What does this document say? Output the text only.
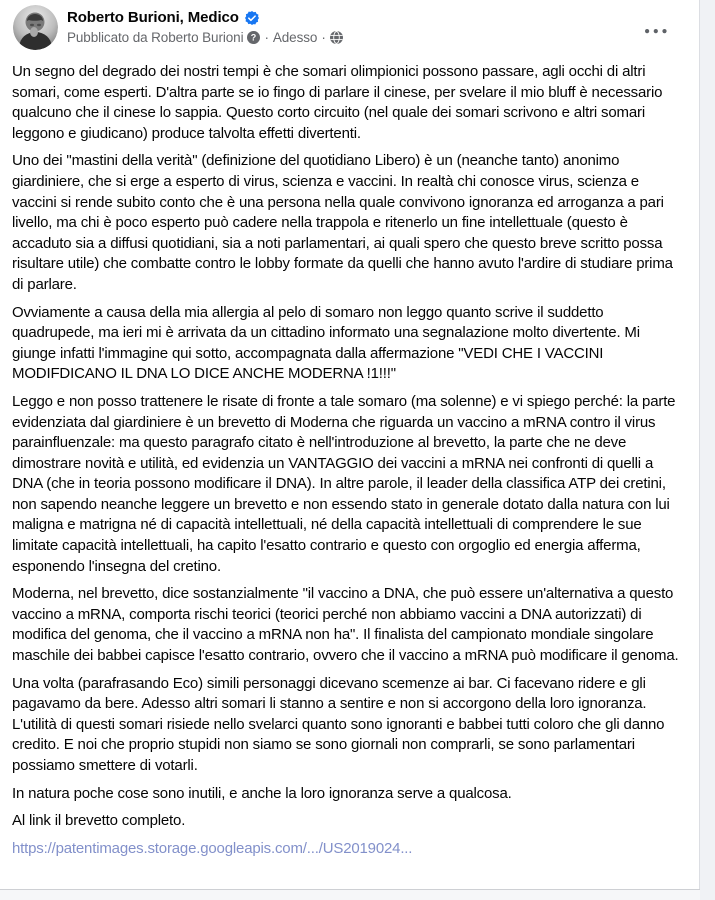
Roberto Burioni, Medico
Pubblicato da Roberto Burioni ? · Adesso ·

Un segno del degrado dei nostri tempi è che somari olimpionici possono passare, agli occhi di altri somari, come esperti. D'altra parte se io fingo di parlare il cinese, per svelare il mio bluff è necessario qualcuno che il cinese lo sappia. Questo corto circuito (nel quale dei somari scrivono e altri somari leggono e giudicano) produce talvolta effetti divertenti.

Uno dei "mastini della verità" (definizione del quotidiano Libero) è un (neanche tanto) anonimo giardiniere, che si erge a esperto di virus, scienza e vaccini. In realtà chi conosce virus, scienza e vaccini si rende subito conto che è una persona nella quale convivono ignoranza ed arroganza a pari livello, ma chi è poco esperto può cadere nella trappola e ritenerlo un fine intellettuale (questo è accaduto sia a diffusi quotidiani, sia a noti parlamentari, ai quali spero che questo breve scritto possa risultare utile) che combatte contro le lobby formate da quelli che hanno avuto l'ardire di studiare prima di parlare.

Ovviamente a causa della mia allergia al pelo di somaro non leggo quanto scrive il suddetto quadrupede, ma ieri mi è arrivata da un cittadino informato una segnalazione molto divertente. Mi giunge infatti l'immagine qui sotto, accompagnata dalla affermazione "VEDI CHE I VACCINI MODIFDICANO IL DNA LO DICE ANCHE MODERNA !1!!!"

Leggo e non posso trattenere le risate di fronte a tale somaro (ma solenne) e vi spiego perché: la parte evidenziata dal giardiniere è un brevetto di Moderna che riguarda un vaccino a mRNA contro il virus parainfluenzale: ma questo paragrafo citato è nell'introduzione al brevetto, la parte che ne deve dimostrare novità e utilità, ed evidenzia un VANTAGGIO dei vaccini a mRNA nei confronti di quelli a DNA (che in teoria possono modificare il DNA). In altre parole, il leader della classifica ATP dei cretini, non sapendo neanche leggere un brevetto e non essendo stato in generale dotato dalla natura con lui maligna e matrigna né di capacità intellettuali, né della capacità intellettuali di comprendere le sue limitate capacità intellettuali, ha capito l'esatto contrario e questo con orgoglio ed energia afferma, esponendo l'insegna del cretino.

Moderna, nel brevetto, dice sostanzialmente "il vaccino a DNA, che può essere un'alternativa a questo vaccino a mRNA, comporta rischi teorici (teorici perché non abbiamo vaccini a DNA autorizzati) di modifica del genoma, che il vaccino a mRNA non ha". Il finalista del campionato mondiale singolare maschile dei babbei capisce l'esatto contrario, ovvero che il vaccino a mRNA può modificare il genoma.

Una volta (parafrasando Eco) simili personaggi dicevano scemenze ai bar. Ci facevano ridere e gli pagavamo da bere. Adesso altri somari li stanno a sentire e non si accorgono della loro ignoranza. L'utilità di questi somari risiede nello svelarci quanto sono ignoranti e babbei tutti coloro che gli danno credito. E noi che proprio stupidi non siamo se sono giornali non comprarli, se sono parlamentari possiamo smettere di votarli.

In natura poche cose sono inutili, e anche la loro ignoranza serve a qualcosa.

Al link il brevetto completo.

https://patentimages.storage.googleapis.com/.../US2019024...
